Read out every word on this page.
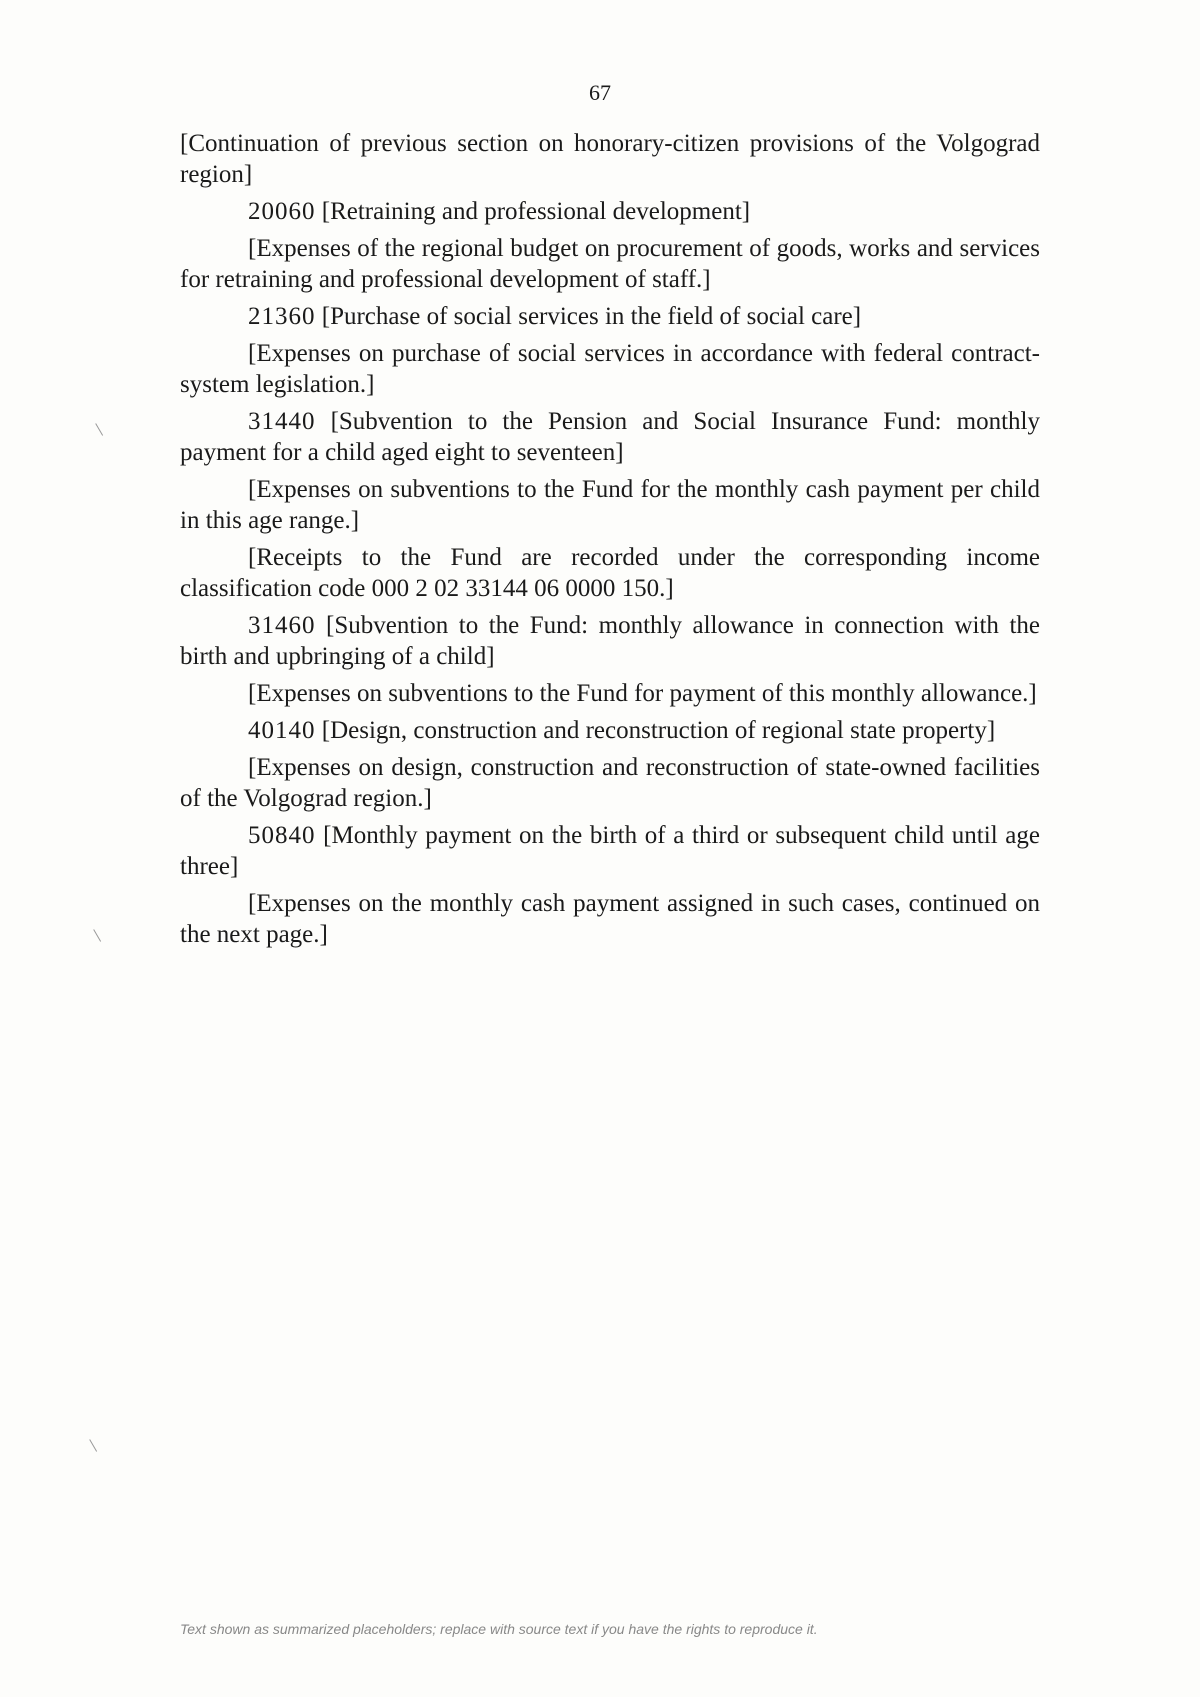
67

[Continuation of previous section on honorary-citizen provisions of the Volgograd region]

20060 [Retraining and professional development]

[Expenses of the regional budget on procurement of goods, works and services for retraining and professional development of staff.]

21360 [Purchase of social services in the field of social care]

[Expenses on purchase of social services in accordance with federal contract-system legislation.]

31440 [Subvention to the Pension and Social Insurance Fund: monthly payment for a child aged eight to seventeen]

[Expenses on subventions to the Fund for the monthly cash payment per child in this age range.]

[Receipts to the Fund are recorded under the corresponding income classification code 000 2 02 33144 06 0000 150.]

31460 [Subvention to the Fund: monthly allowance in connection with the birth and upbringing of a child]

[Expenses on subventions to the Fund for payment of this monthly allowance.]

40140 [Design, construction and reconstruction of regional state property]

[Expenses on design, construction and reconstruction of state-owned facilities of the Volgograd region.]

50840 [Monthly payment on the birth of a third or subsequent child until age three]

[Expenses on the monthly cash payment assigned in such cases, continued on the next page.]

Text shown as summarized placeholders; replace with source text if you have the rights to reproduce it.
